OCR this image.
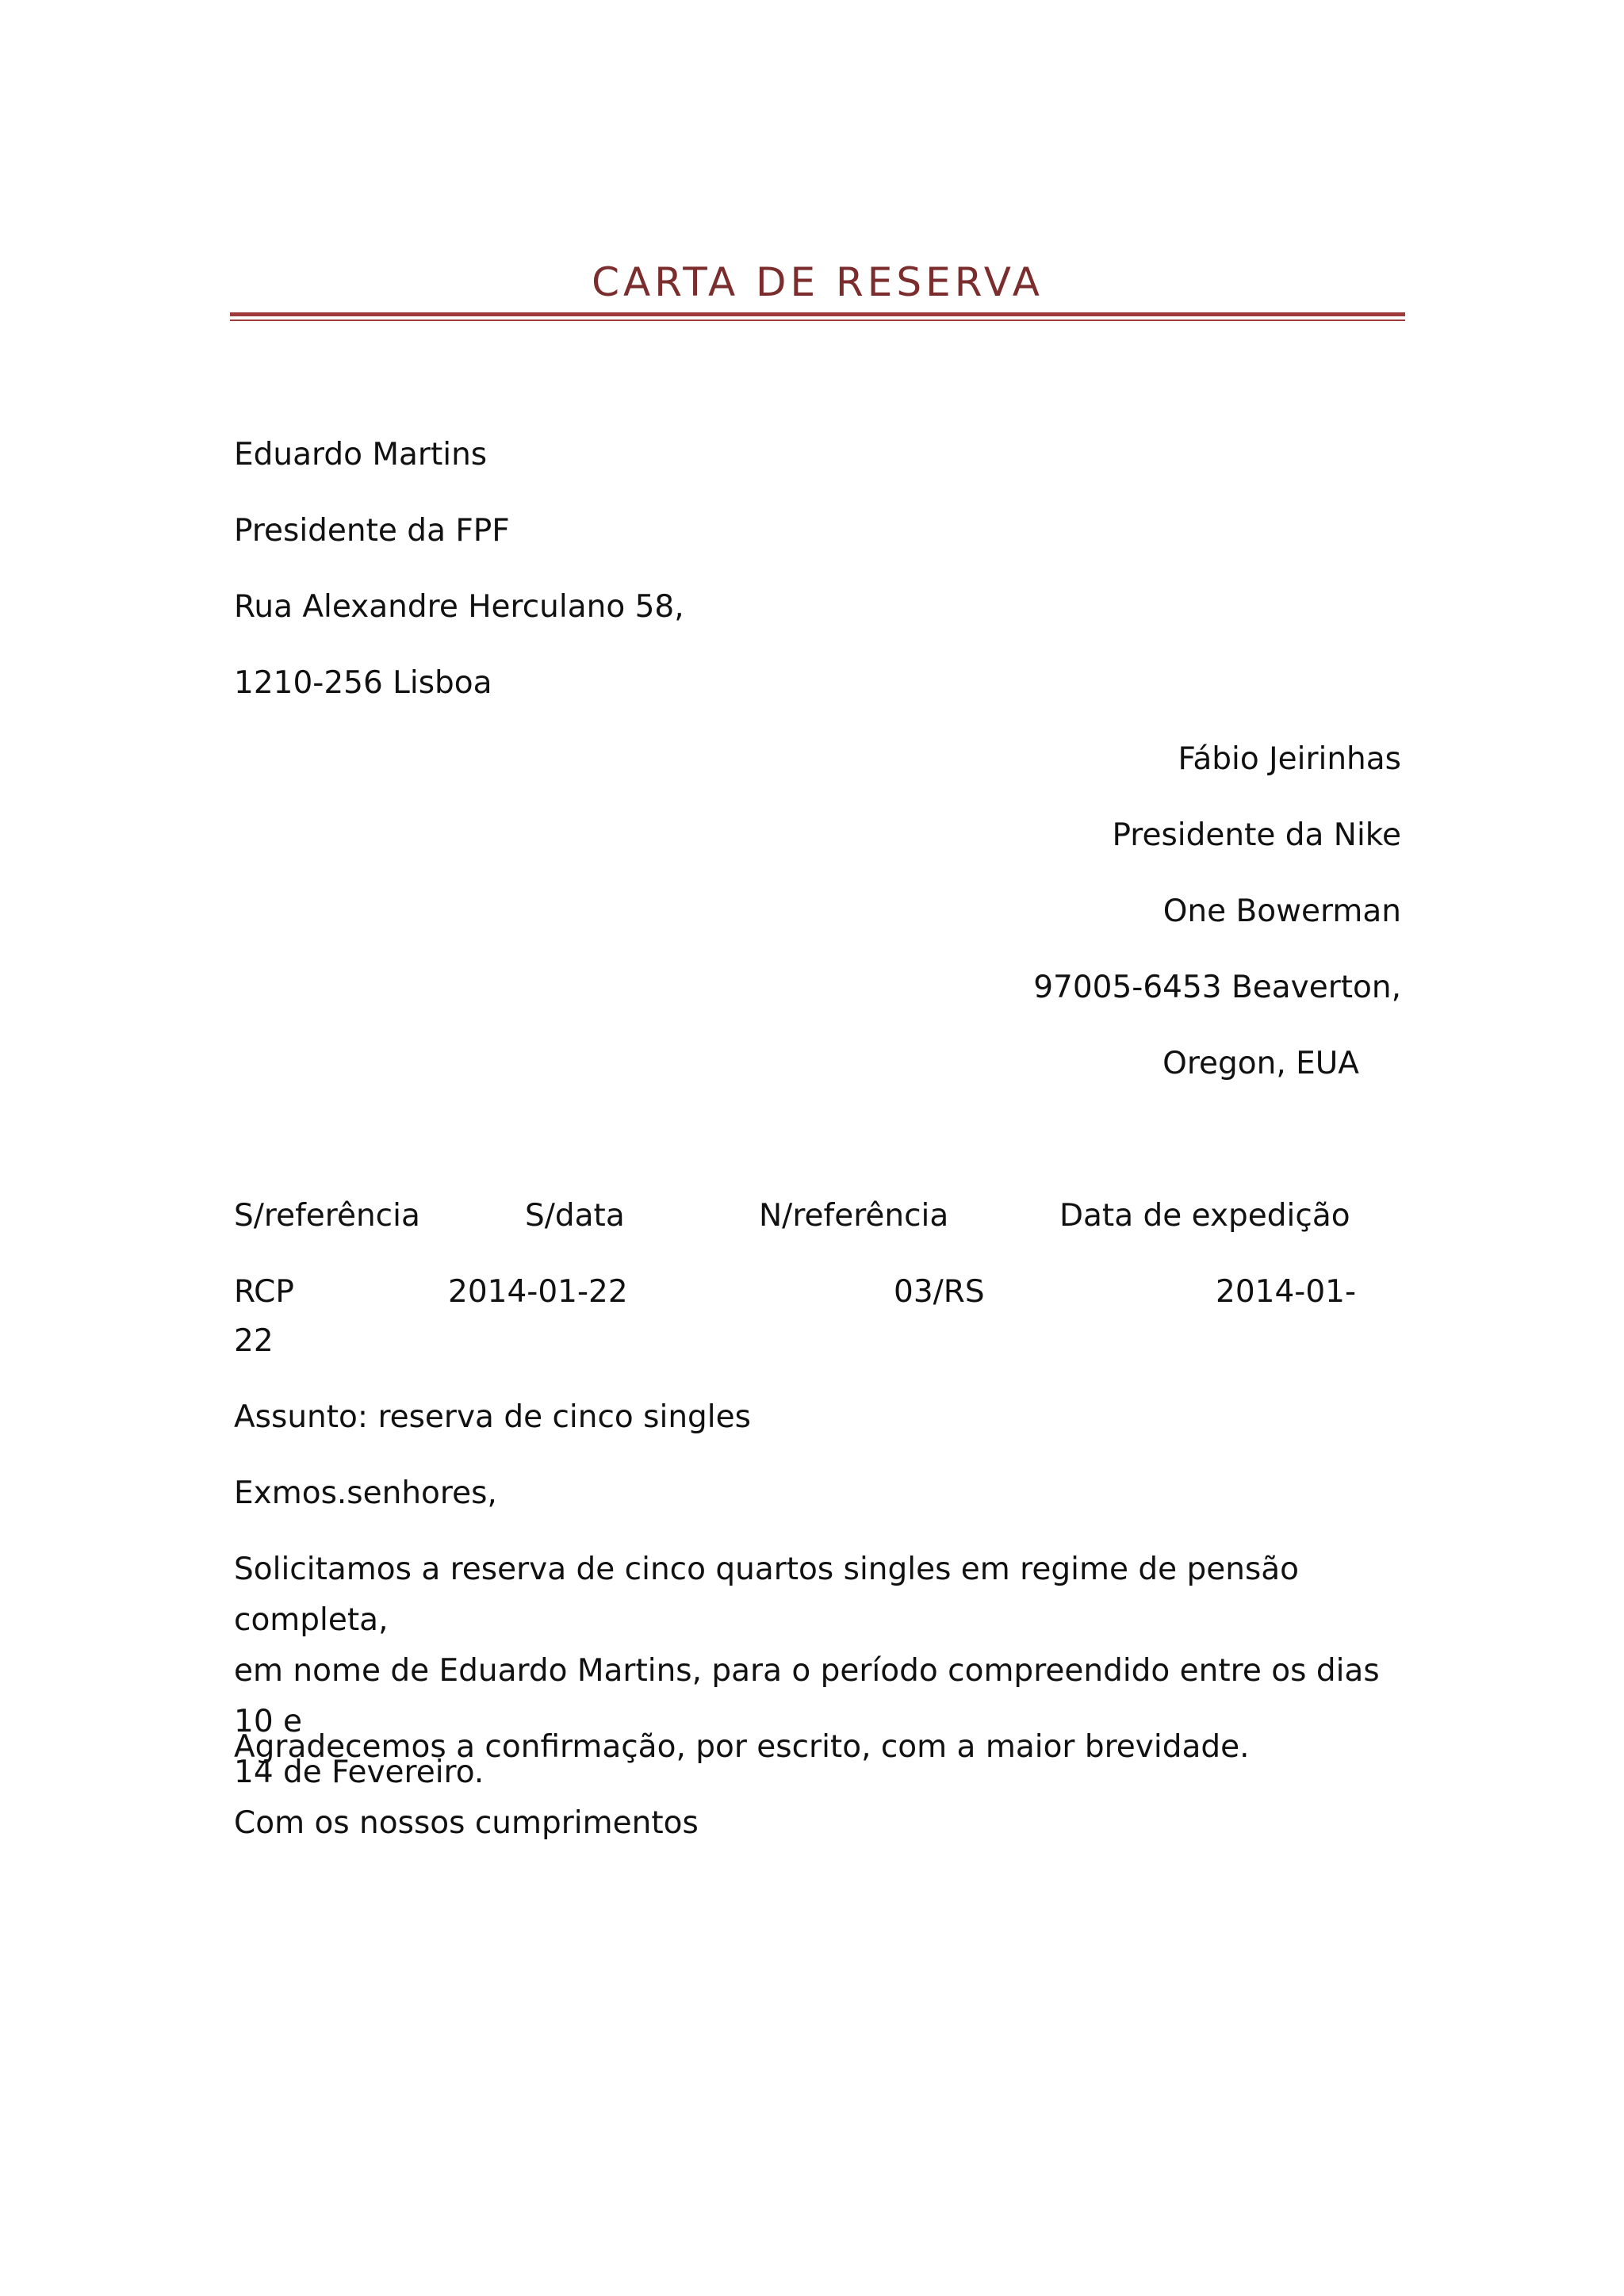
CARTA DE RESERVA
Eduardo Martins
Presidente da FPF
Rua Alexandre Herculano 58,
1210-256 Lisboa
Fábio Jeirinhas
Presidente da Nike
One Bowerman
97005-6453 Beaverton,
Oregon, EUA
S/referência	S/data	N/referência	Data de expedição
RCP	2014-01-22	03/RS	2014-01-
22
Assunto: reserva de cinco singles
Exmos.senhores,
Solicitamos a reserva de cinco quartos singles em regime de pensão completa,
em nome de Eduardo Martins, para o período compreendido entre os dias 10 e
14 de Fevereiro.
Agradecemos a confirmação, por escrito, com a maior brevidade.
Com os nossos cumprimentos
